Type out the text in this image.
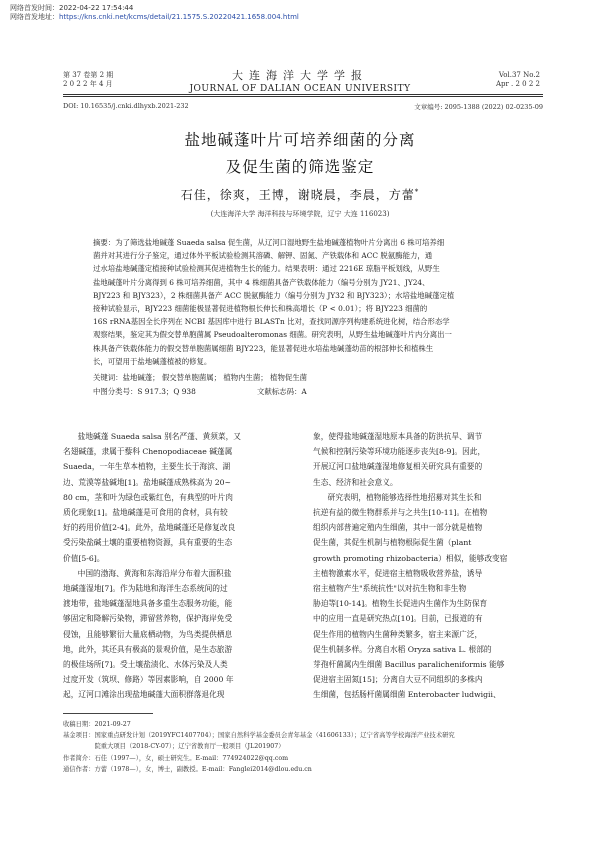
网络首发时间：2022-04-22 17:54:44
网络首发地址：https://kns.cnki.net/kcms/detail/21.1575.S.20220421.1658.004.html
第 37 卷第 2 期
2 0 2 2 年 4 月
大连海洋大学学报
JOURNAL OF DALIAN OCEAN UNIVERSITY
Vol.37 No.2
Apr . 2 0 2 2
DOI: 10.16535/j.cnki.dlhyxb.2021-232	文章编号: 2095-1388 (2022) 02-0235-09
盐地碱蓬叶片可培养细菌的分离
及促生菌的筛选鉴定
石佳，徐爽，王博，谢晓晨，李晨，方蕾*
(大连海洋大学 海洋科技与环境学院，辽宁 大连 116023)
摘要：为了筛选盐地碱蓬 Suaeda salsa 促生菌，从辽河口湿地野生盐地碱蓬植物叶片分离出 6 株可培养细
菌并对其进行分子鉴定，通过体外平板试验检测其溶磷、解钾、固氮、产铁载体和 ACC 脱氨酶能力，通
过水培盐地碱蓬定植接种试验检测其促进植物生长的能力。结果表明：通过 2216E 琼脂平板划线，从野生
盐地碱蓬叶片分离得到 6 株可培养细菌，其中 4 株细菌具备产铁载体能力（编号分别为 JY21、JY24、
BJY223 和 BJY323），2 株细菌具备产 ACC 脱氨酶能力（编号分别为 JY32 和 BJY323）；水培盐地碱蓬定植
接种试验显示，BJY223 细菌能极显著促进植物根长伸长和株高增长（P < 0.01）；将 BJY223 细菌的
16S rRNA基因全长序列在 NCBI 基因库中进行 BLASTn 比对，查找同源序列构建系统进化树，结合形态学
观察结果，鉴定其为假交替单胞菌属 Pseudoalteromonas 细菌。研究表明，从野生盐地碱蓬叶片内分离出一
株具备产铁载体能力的假交替单胞菌属细菌 BJY223，能显著促进水培盐地碱蓬幼苗的根部伸长和植株生
长，可望用于盐地碱蓬植被的修复。
关键词：盐地碱蓬； 假交替单胞菌属； 植物内生菌； 植物促生菌
中图分类号：S 917.3；Q 938	文献标志码：A
盐地碱蓬 Suaeda salsa 别名严蓬、黄须菜，又
名翅碱蓬，隶属于藜科 Chenopodiaceae 碱蓬属
Suaeda，一年生草本植物，主要生长于海滨、湖
边、荒漠等盐碱地[1]。盐地碱蓬成熟株高为 20~
80 cm，茎和叶为绿色或紫红色，有典型的叶片肉
质化现象[1]。盐地碱蓬是可食用的食材，具有较
好的药用价值[2-4]。此外，盐地碱蓬还是修复改良
受污染盐碱土壤的重要植物资源，具有重要的生态
价值[5-6]。
中国的渤海、黄海和东海沿岸分布着大面积盐
地碱蓬湿地[7]。作为陆地和海洋生态系统间的过
渡地带，盐地碱蓬湿地具备多重生态服务功能，能
够固定和降解污染物，滞留营养物，保护海岸免受
侵蚀，且能够繁衍大量底栖动物，为鸟类提供栖息
地，此外，其还具有极高的景观价值，是生态旅游
的极佳场所[7]。受土壤盐渍化、水体污染及人类
过度开发（筑坝、修路）等因素影响，自 2000 年
起，辽河口滩涂出现盐地碱蓬大面积群落退化现
象，使得盐地碱蓬湿地原本具备的防洪抗旱、调节
气候和控制污染等环境功能逐步丧失[8-9]。因此，
开展辽河口盐地碱蓬湿地修复相关研究具有重要的
生态、经济和社会意义。
研究表明，植物能够选择性地招募对其生长和
抗逆有益的微生物群系并与之共生[10-11]。在植物
组织内部普遍定殖内生细菌，其中一部分就是植物
促生菌，其促生机制与植物根际促生菌（plant
growth promoting rhizobacteria）相似，能够改变宿
主植物激素水平，促进宿主植物吸收营养盐，诱导
宿主植物产生"系统抗性"以对抗生物和非生物
胁迫等[10-14]。植物生长促进内生菌作为生防保育
中的应用一直是研究热点[10]。目前，已报道的有
促生作用的植物内生菌种类繁多，宿主来源广泛，
促生机制多样。分离自水稻 Oryza sativa L. 根部的
芽孢杆菌属内生细菌 Bacillus paraliсheniformis 能够
促进宿主固氮[15]；分离自大豆不同组织的多株内
生细菌，包括肠杆菌属细菌 Enterobacter ludwigii、
收稿日期：2021-09-27
基金项目：国家重点研发计划（2019YFC1407704）；国家自然科学基金委员会青年基金（41606133）；辽宁省高等学校海洋产业技术研究
　　　　　院重大项目（2018-CY-07）；辽宁省教育厅一般项目（JL201907）
作者简介：石佳（1997—），女，硕士研究生。E-mail：774924022@qq.com
通信作者：方蕾（1978—），女，博士，副教授。E-mail：Fanglei2014@dlou.edu.cn
